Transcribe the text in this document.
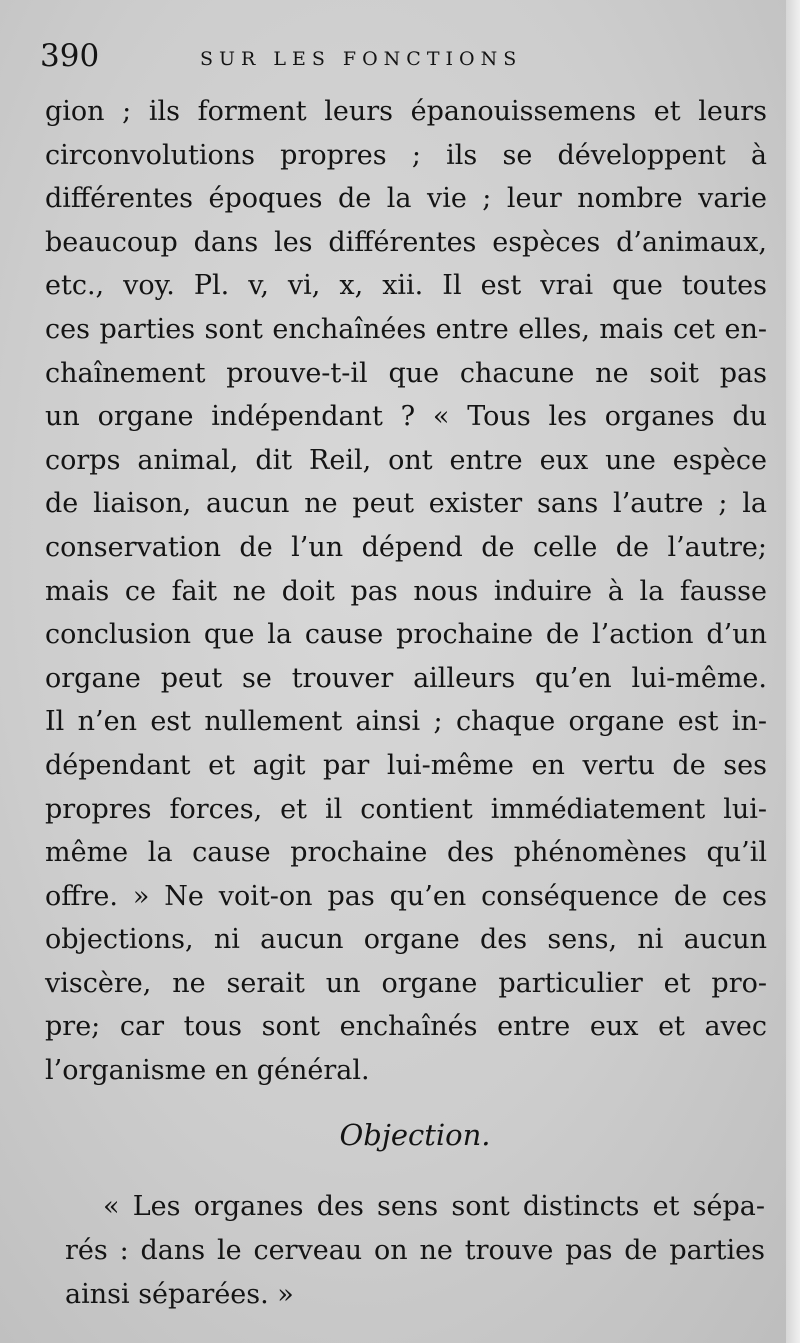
390	SUR LES FONCTIONS
gion ; ils forment leurs épanouissemens et leurs
circonvolutions propres ; ils se développent à
différentes époques de la vie ; leur nombre varie
beaucoup dans les différentes espèces d’animaux,
etc., voy. Pl. v, vi, x, xii. Il est vrai que toutes
ces parties sont enchaînées entre elles, mais cet en-
chaînement prouve-t-il que chacune ne soit pas
un organe indépendant ? « Tous les organes du
corps animal, dit Reil, ont entre eux une espèce
de liaison, aucun ne peut exister sans l’autre ; la
conservation de l’un dépend de celle de l’autre;
mais ce fait ne doit pas nous induire à la fausse
conclusion que la cause prochaine de l’action d’un
organe peut se trouver ailleurs qu’en lui-même.
Il n’en est nullement ainsi ; chaque organe est in-
dépendant et agit par lui-même en vertu de ses
propres forces, et il contient immédiatement lui-
même la cause prochaine des phénomènes qu’il
offre. » Ne voit-on pas qu’en conséquence de ces
objections, ni aucun organe des sens, ni aucun
viscère, ne serait un organe particulier et pro-
pre; car tous sont enchaînés entre eux et avec
l’organisme en général.
Objection.
« Les organes des sens sont distincts et sépa-
rés : dans le cerveau on ne trouve pas de parties
ainsi séparées. »
